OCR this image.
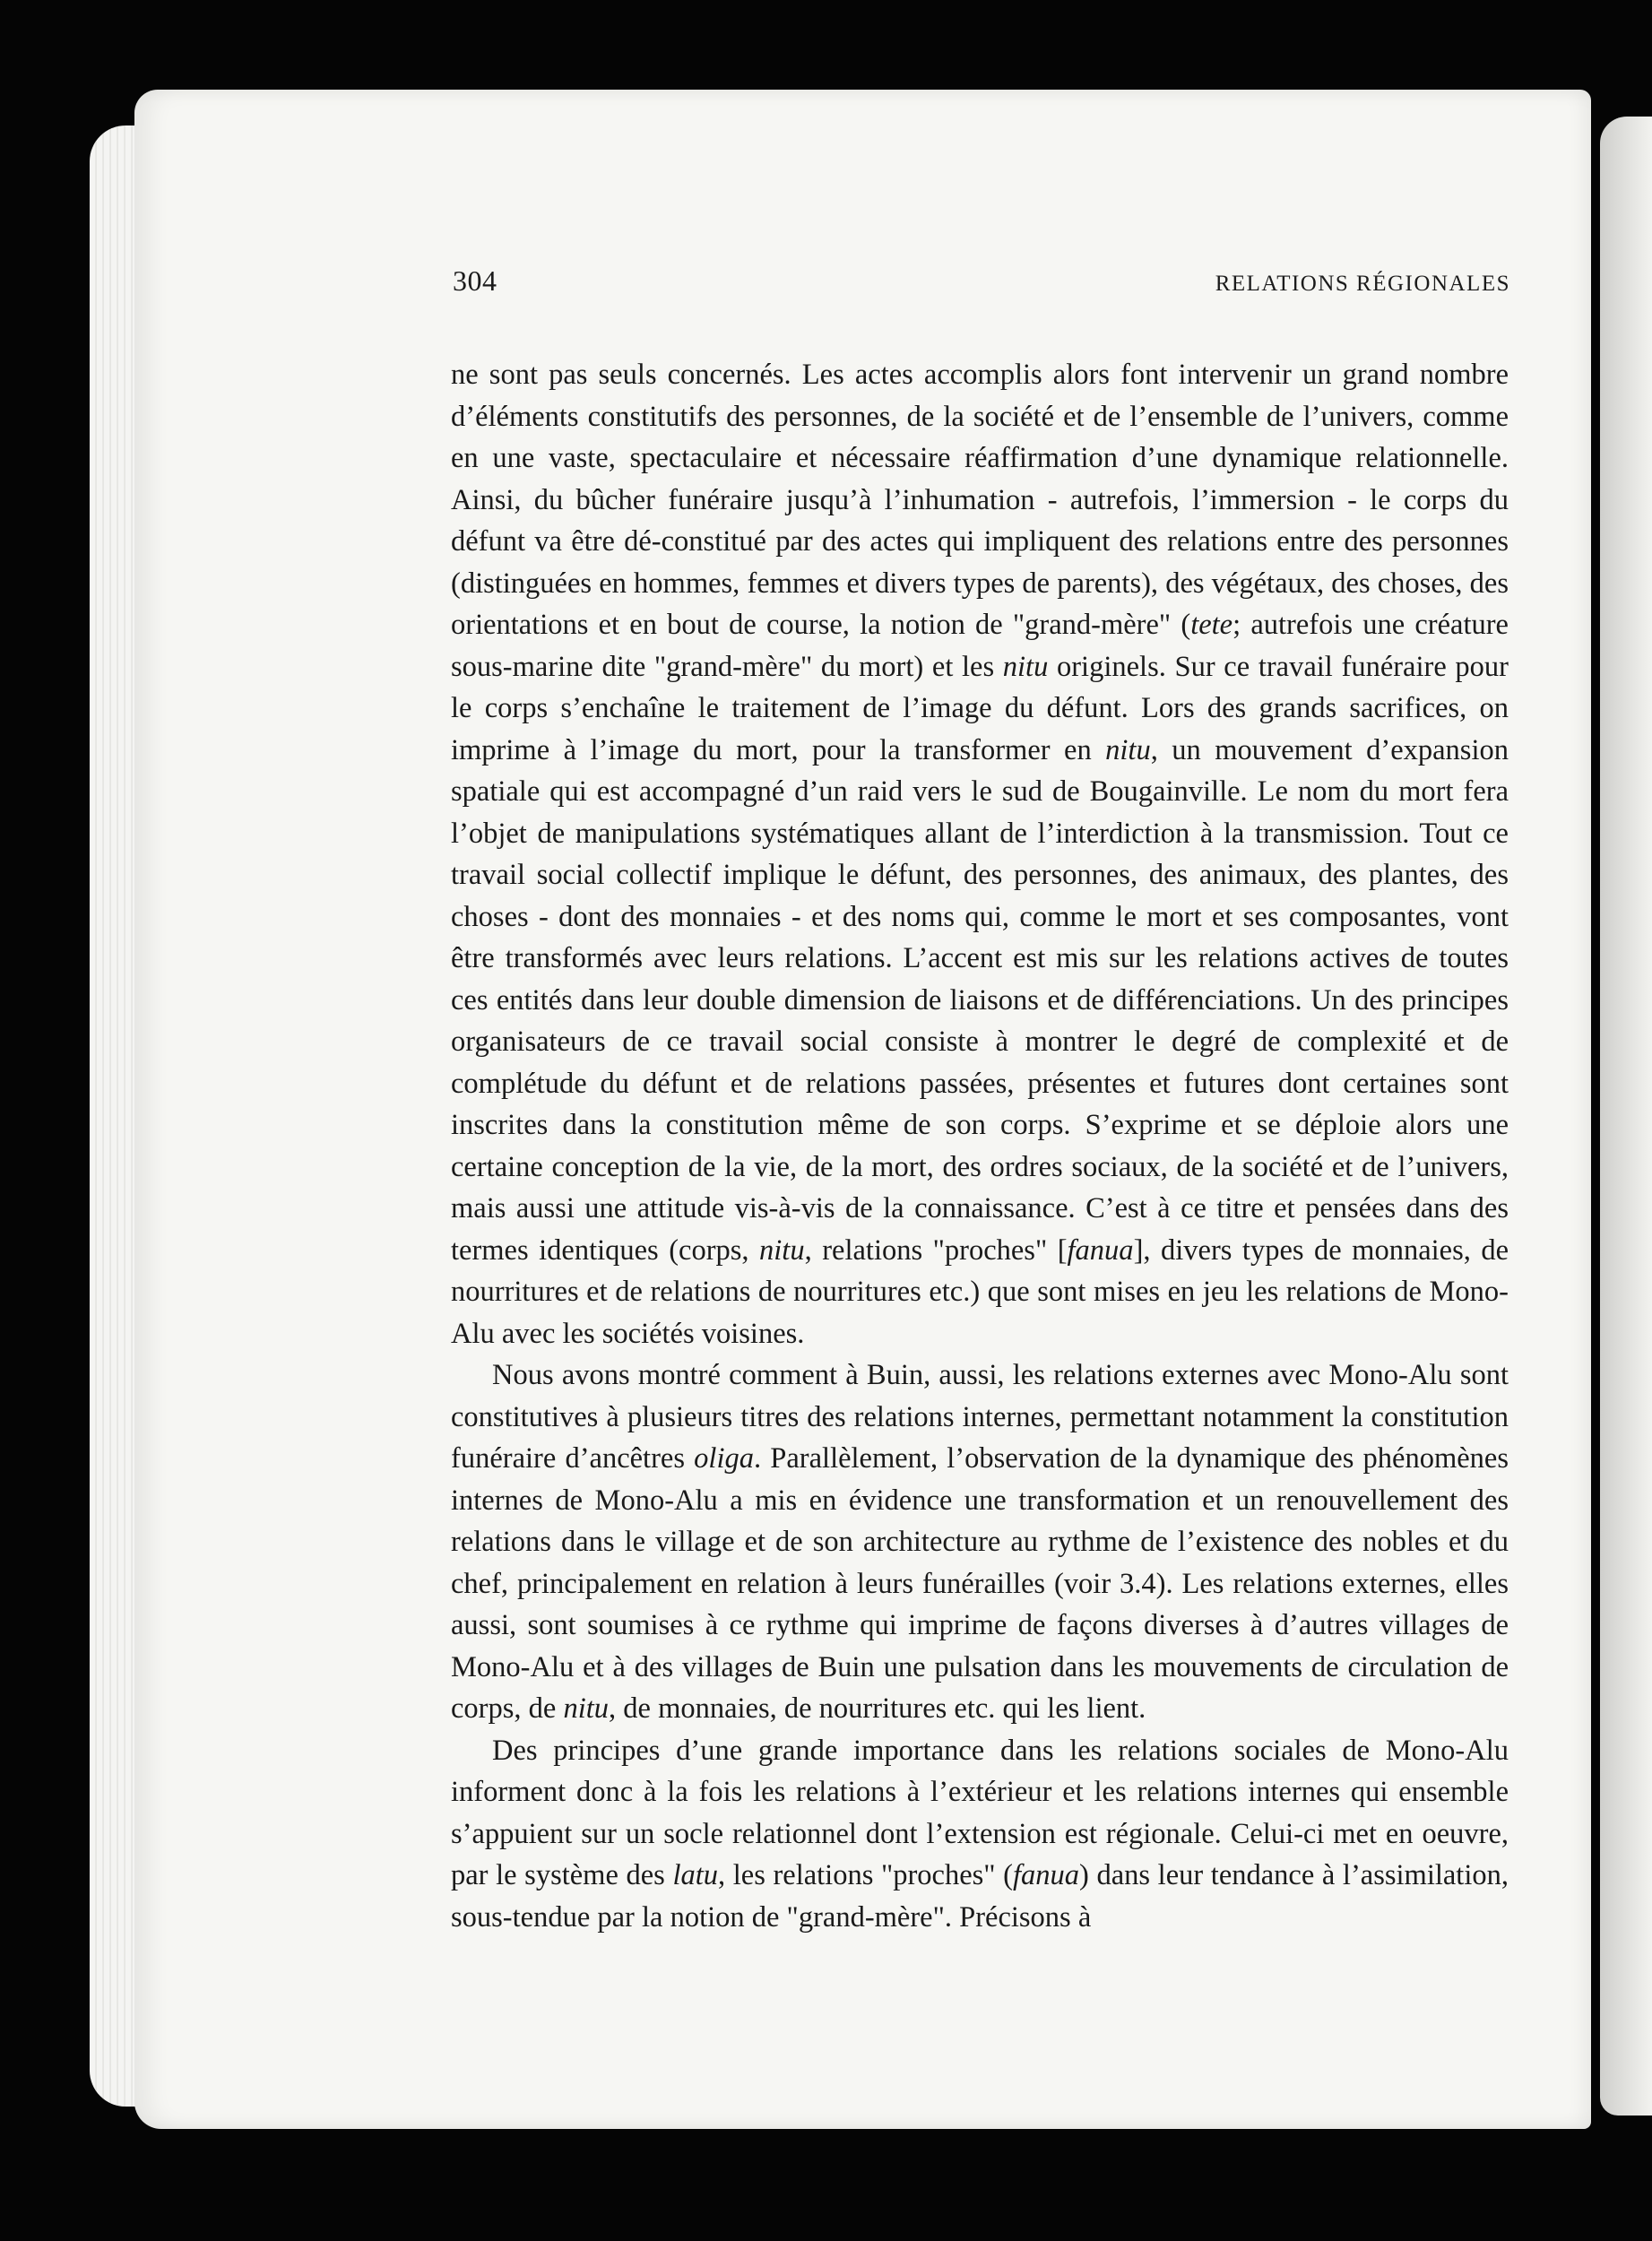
304	RELATIONS RÉGIONALES

ne sont pas seuls concernés. Les actes accomplis alors font intervenir un grand nombre d’éléments constitutifs des personnes, de la société et de l’ensemble de l’univers, comme en une vaste, spectaculaire et nécessaire réaffirmation d’une dynamique relationnelle. Ainsi, du bûcher funéraire jusqu’à l’inhumation - autrefois, l’immersion - le corps du défunt va être dé-constitué par des actes qui impliquent des relations entre des personnes (distinguées en hommes, femmes et divers types de parents), des végétaux, des choses, des orientations et en bout de course, la notion de "grand-mère" (tete; autrefois une créature sous-marine dite "grand-mère" du mort) et les nitu originels. Sur ce travail funéraire pour le corps s’enchaîne le traitement de l’image du défunt. Lors des grands sacrifices, on imprime à l’image du mort, pour la transformer en nitu, un mouvement d’expansion spatiale qui est accompagné d’un raid vers le sud de Bougainville. Le nom du mort fera l’objet de manipulations systématiques allant de l’interdiction à la transmission. Tout ce travail social collectif implique le défunt, des personnes, des animaux, des plantes, des choses - dont des monnaies - et des noms qui, comme le mort et ses composantes, vont être transformés avec leurs relations. L’accent est mis sur les relations actives de toutes ces entités dans leur double dimension de liaisons et de différenciations. Un des principes organisateurs de ce travail social consiste à montrer le degré de complexité et de complétude du défunt et de relations passées, présentes et futures dont certaines sont inscrites dans la constitution même de son corps. S’exprime et se déploie alors une certaine conception de la vie, de la mort, des ordres sociaux, de la société et de l’univers, mais aussi une attitude vis-à-vis de la connaissance. C’est à ce titre et pensées dans des termes identiques (corps, nitu, relations "proches" [fanua], divers types de monnaies, de nourritures et de relations de nourritures etc.) que sont mises en jeu les relations de Mono-Alu avec les sociétés voisines.

Nous avons montré comment à Buin, aussi, les relations externes avec Mono-Alu sont constitutives à plusieurs titres des relations internes, permettant notamment la constitution funéraire d’ancêtres oliga. Parallèlement, l’observation de la dynamique des phénomènes internes de Mono-Alu a mis en évidence une transformation et un renouvellement des relations dans le village et de son architecture au rythme de l’existence des nobles et du chef, principalement en relation à leurs funérailles (voir 3.4). Les relations externes, elles aussi, sont soumises à ce rythme qui imprime de façons diverses à d’autres villages de Mono-Alu et à des villages de Buin une pulsation dans les mouvements de circulation de corps, de nitu, de monnaies, de nourritures etc. qui les lient.

Des principes d’une grande importance dans les relations sociales de Mono-Alu informent donc à la fois les relations à l’extérieur et les relations internes qui ensemble s’appuient sur un socle relationnel dont l’extension est régionale. Celui-ci met en oeuvre, par le système des latu, les relations "proches" (fanua) dans leur tendance à l’assimilation, sous-tendue par la notion de "grand-mère". Précisons à
